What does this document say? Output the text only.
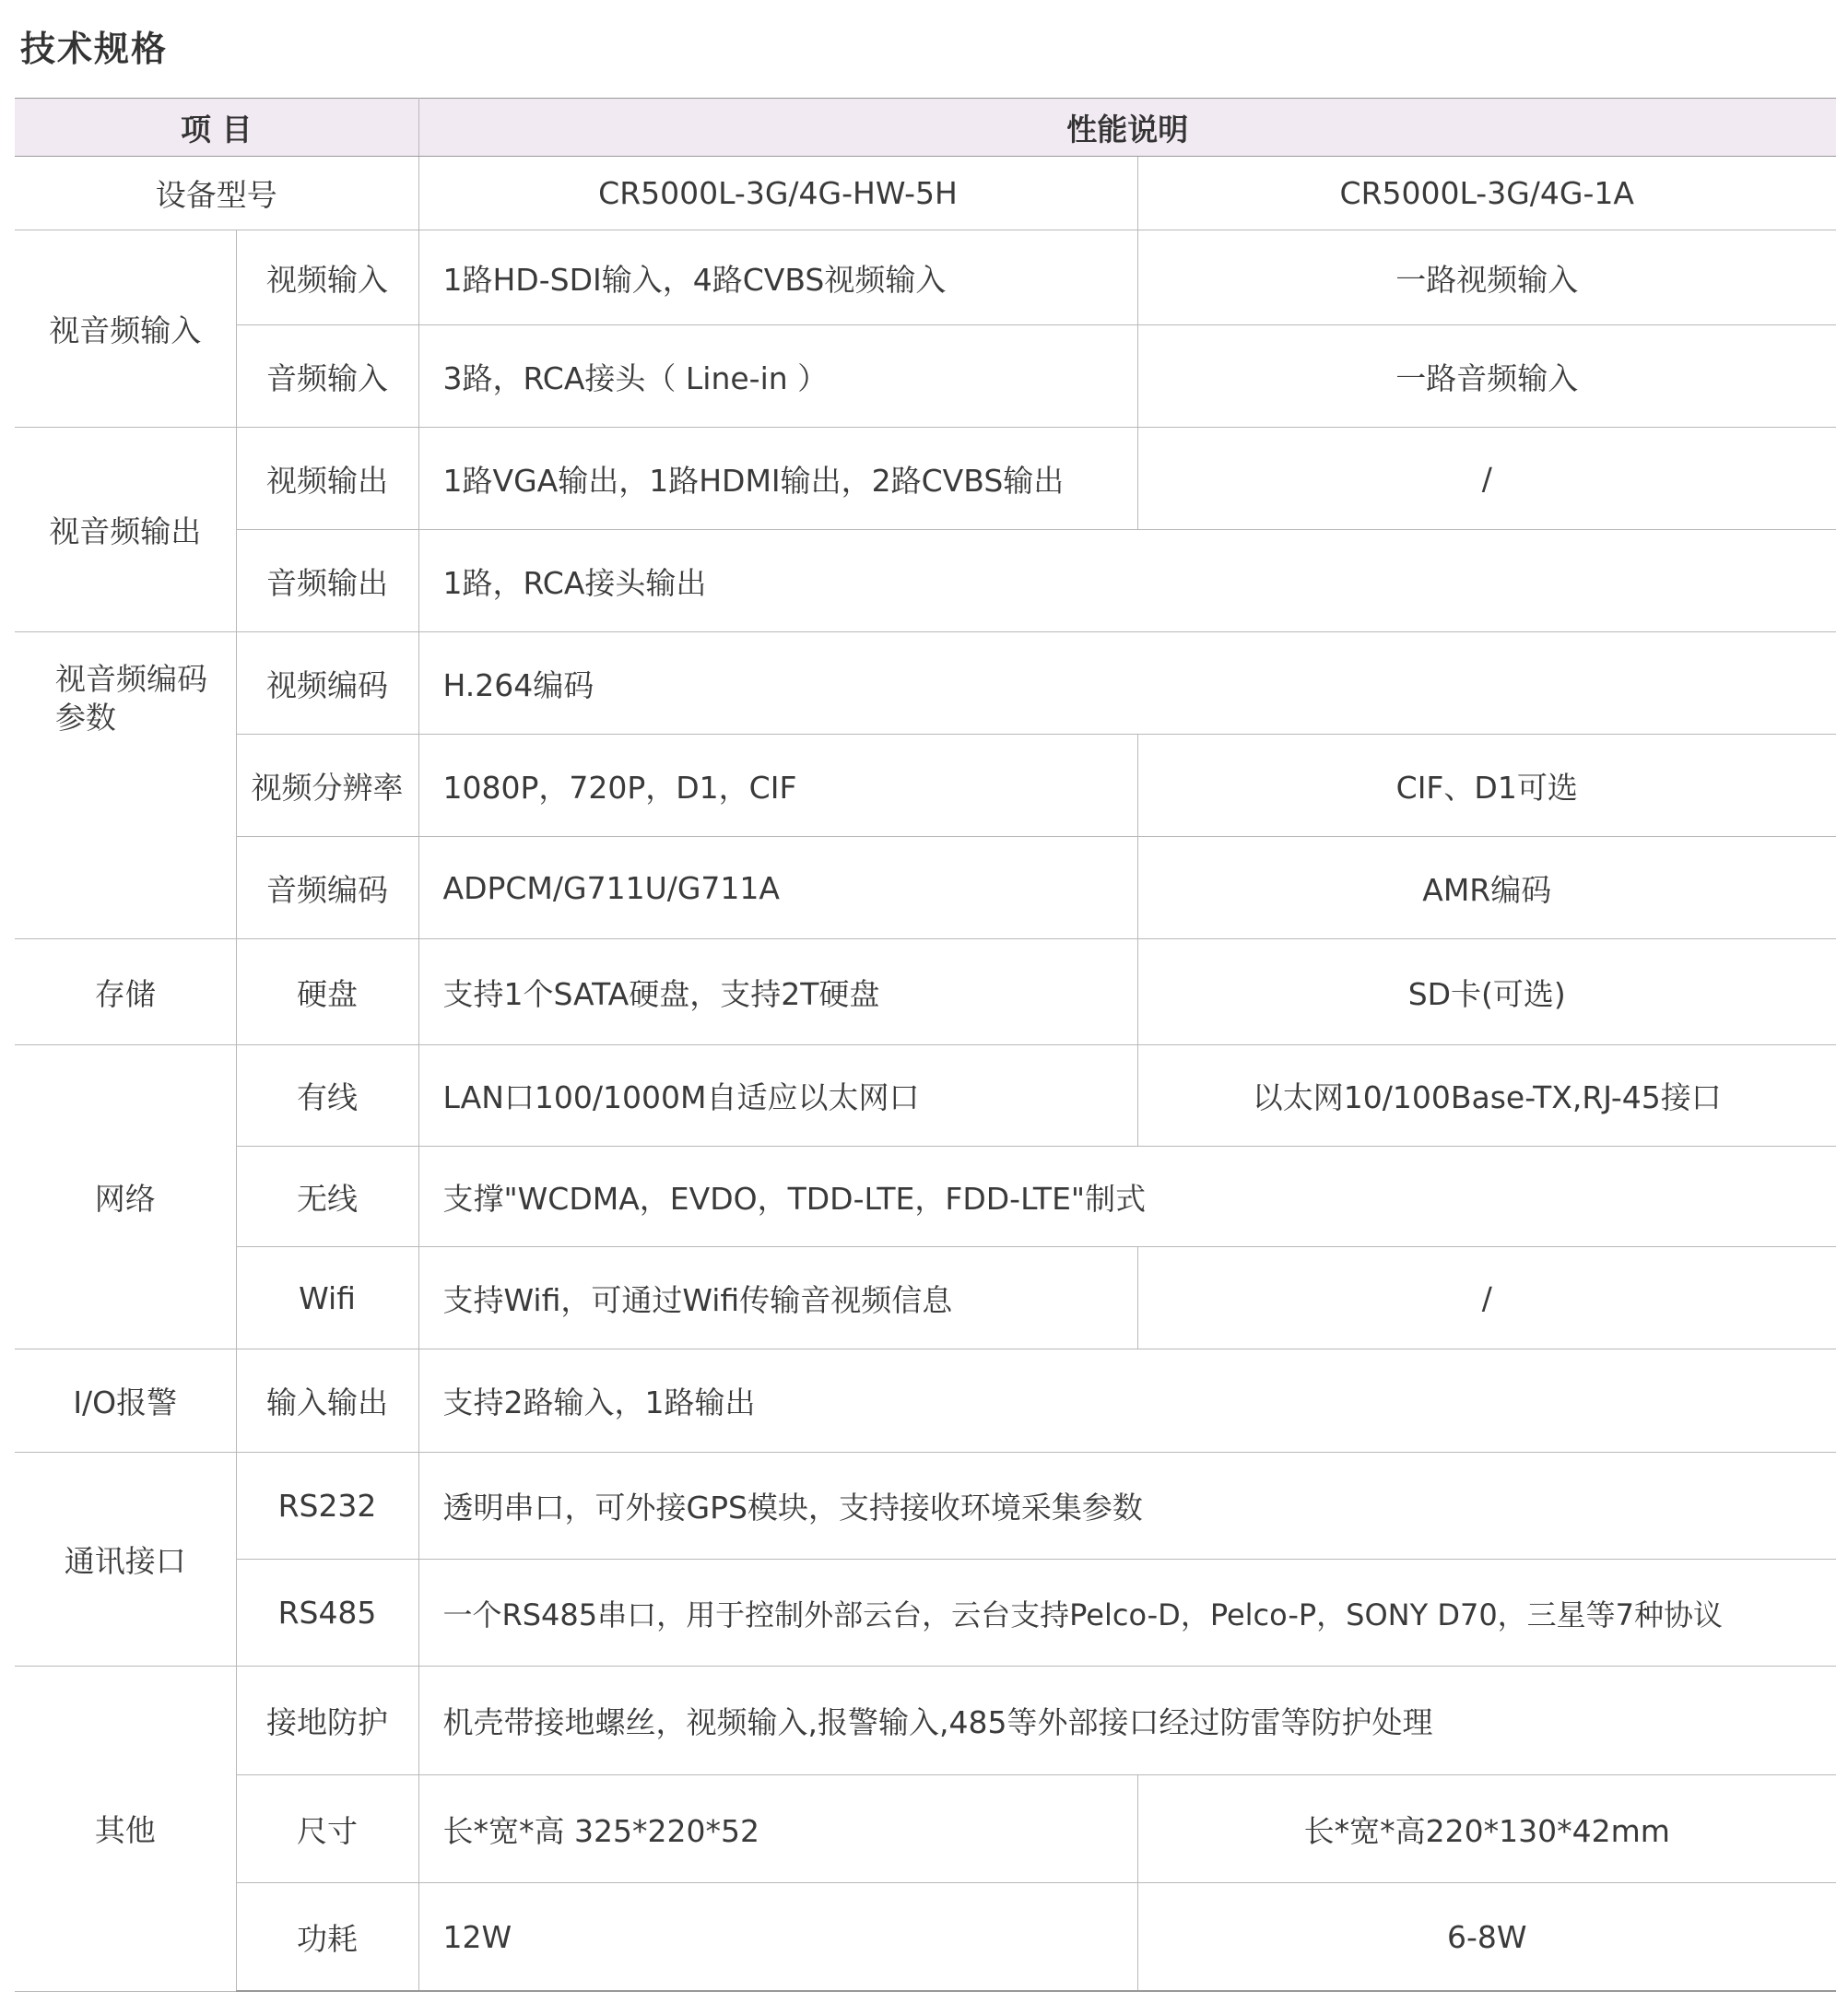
技术规格
项 目		性能说明	
设备型号		CR5000L-3G/4G-HW-5H	CR5000L-3G/4G-1A
视音频输入	视频输入	1路HD-SDI输入，4路CVBS视频输入	一路视频输入
	音频输入	3路，RCA接头（ Line-in ）	一路音频输入
视音频输出	视频输出	1路VGA输出，1路HDMI输出，2路CVBS输出	/
	音频输出	1路，RCA接头输出	
视音频编码参数	视频编码	H.264编码	
	视频分辨率	1080P，720P，D1，CIF	CIF、D1可选
	音频编码	ADPCM/G711U/G711A	AMR编码
存储	硬盘	支持1个SATA硬盘，支持2T硬盘	SD卡(可选)
网络	有线	LAN口100/1000M自适应以太网口	以太网10/100Base-TX,RJ-45接口
	无线	支撑"WCDMA，EVDO，TDD-LTE，FDD-LTE"制式	
	Wifi	支持Wifi，可通过Wifi传输音视频信息	/
I/O报警	输入输出	支持2路输入，1路输出	
通讯接口	RS232	透明串口，可外接GPS模块，支持接收环境采集参数	
	RS485	一个RS485串口，用于控制外部云台，云台支持Pelco-D，Pelco-P，SONY D70，三星等7种协议	
其他	接地防护	机壳带接地螺丝，视频输入,报警输入,485等外部接口经过防雷等防护处理	
	尺寸	长*宽*高 325*220*52	长*宽*高220*130*42mm
	功耗	12W	6-8W
